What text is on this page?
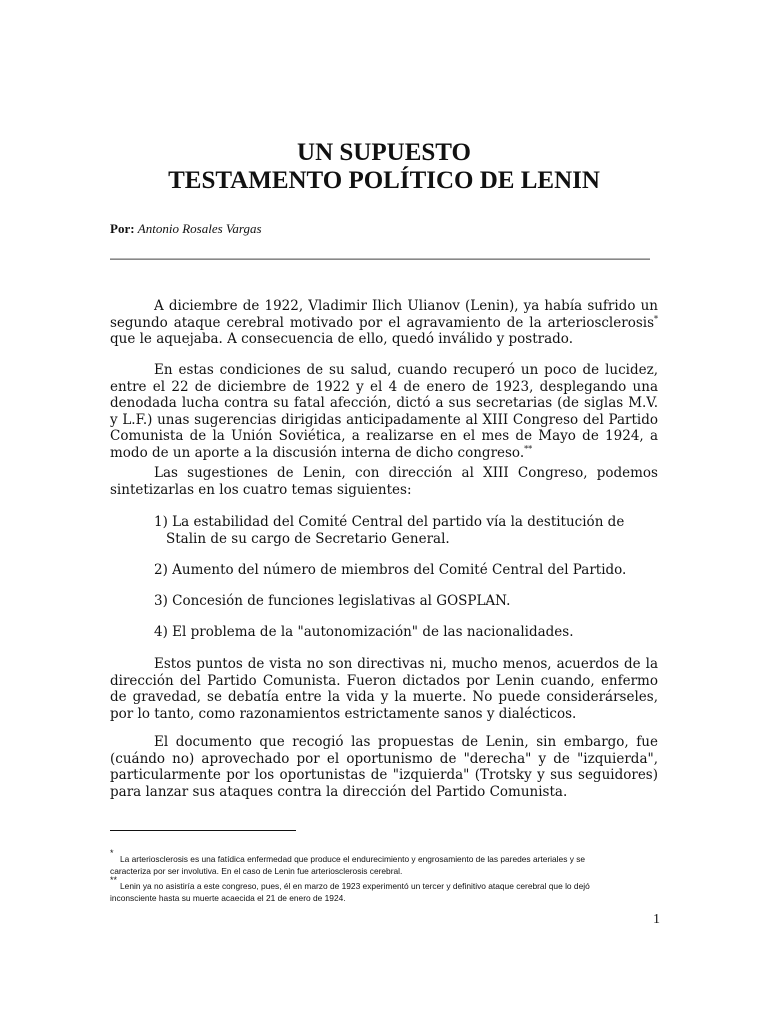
UN SUPUESTO
TESTAMENTO POLÍTICO DE LENIN
Por: Antonio Rosales Vargas
—————————————————————————————————————————————
A diciembre de 1922, Vladimir Ilich Ulianov (Lenin), ya había sufrido un segundo ataque cerebral motivado por el agravamiento de la arteriosclerosis* que le aquejaba. A consecuencia de ello, quedó inválido y postrado.
En estas condiciones de su salud, cuando recuperó un poco de lucidez, entre el 22 de diciembre de 1922 y el 4 de enero de 1923, desplegando una denodada lucha contra su fatal afección, dictó a sus secretarias (de siglas M.V. y L.F.) unas sugerencias dirigidas anticipadamente al XIII Congreso del Partido Comunista de la Unión Soviética, a realizarse en el mes de Mayo de 1924, a modo de un aporte a la discusión interna de dicho congreso.**
Las sugestiones de Lenin, con dirección al XIII Congreso, podemos sintetizarlas en los cuatro temas siguientes:
1) La estabilidad del Comité Central del partido vía la destitución de
Stalin de su cargo de Secretario General.
2) Aumento del número de miembros del Comité Central del Partido.
3) Concesión de funciones legislativas al GOSPLAN.
4) El problema de la "autonomización" de las nacionalidades.
Estos puntos de vista no son directivas ni, mucho menos, acuerdos de la dirección del Partido Comunista. Fueron dictados por Lenin cuando, enfermo de gravedad, se debatía entre la vida y la muerte. No puede considerárseles, por lo tanto, como razonamientos estrictamente sanos y dialécticos.
El documento que recogió las propuestas de Lenin, sin embargo, fue (cuándo no) aprovechado por el oportunismo de "derecha" y de "izquierda", particularmente por los oportunistas de "izquierda" (Trotsky y sus seguidores) para lanzar sus ataques contra la dirección del Partido Comunista.
*
La arteriosclerosis es una fatídica enfermedad que produce el endurecimiento y engrosamiento de las paredes arteriales y se
caracteriza por ser involutiva. En el caso de Lenin fue arteriosclerosis cerebral.
**
Lenin ya no asistiría a este congreso, pues, él en marzo de 1923 experimentó un tercer y definitivo ataque cerebral que lo dejó
inconsciente hasta su muerte acaecida el 21 de enero de 1924.
1
